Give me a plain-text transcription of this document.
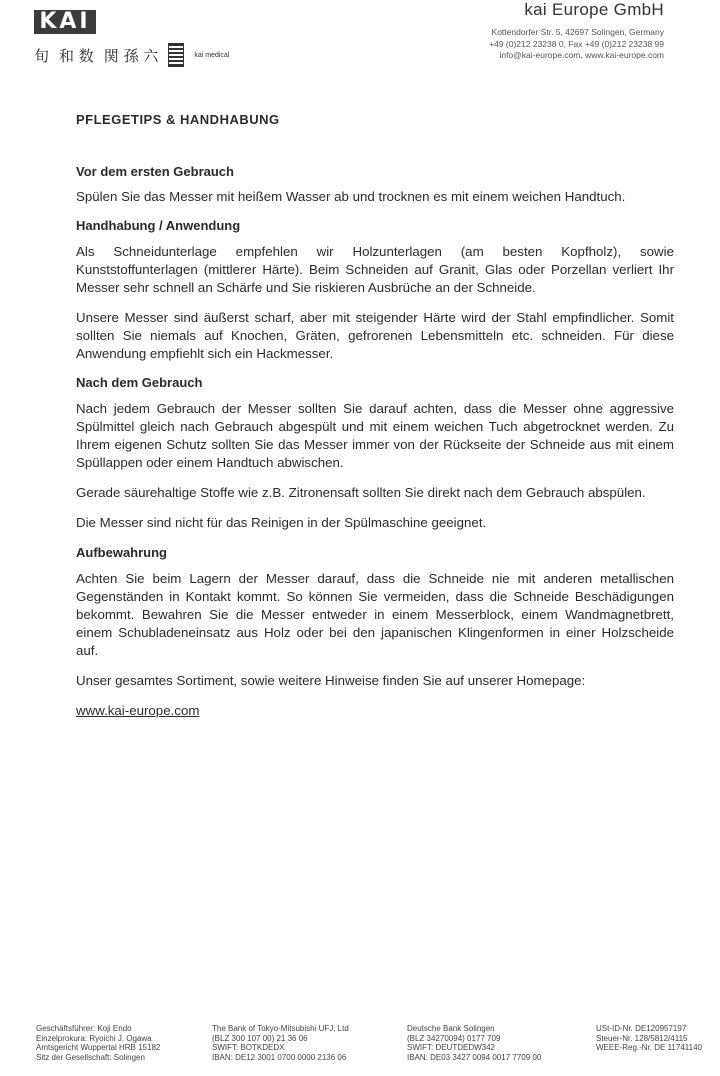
KAI
旬 和 数 関 孫 六	kai medical
kai Europe GmbH
Kottendorfer Str. 5, 42697 Solingen, Germany
+49 (0)212 23238 0, Fax +49 (0)212 23238 99
info@kai-europe.com, www.kai-europe.com
PFLEGETIPS & HANDHABUNG
Vor dem ersten Gebrauch

Spülen Sie das Messer mit heißem Wasser ab und trocknen es mit einem weichen Handtuch.

Handhabung / Anwendung

Als Schneidunterlage empfehlen wir Holzunterlagen (am besten Kopfholz), sowie Kunststoffunterlagen (mittlerer Härte). Beim Schneiden auf Granit, Glas oder Porzellan verliert Ihr Messer sehr schnell an Schärfe und Sie riskieren Ausbrüche an der Schneide.

Unsere Messer sind äußerst scharf, aber mit steigender Härte wird der Stahl empfindlicher. Somit sollten Sie niemals auf Knochen, Gräten, gefrorenen Lebensmitteln etc. schneiden. Für diese Anwendung empfiehlt sich ein Hackmesser.

Nach dem Gebrauch

Nach jedem Gebrauch der Messer sollten Sie darauf achten, dass die Messer ohne aggressive Spülmittel gleich nach Gebrauch abgespült und mit einem weichen Tuch abgetrocknet werden. Zu Ihrem eigenen Schutz sollten Sie das Messer immer von der Rückseite der Schneide aus mit einem Spüllappen oder einem Handtuch abwischen.

Gerade säurehaltige Stoffe wie z.B. Zitronensaft sollten Sie direkt nach dem Gebrauch abspülen.

Die Messer sind nicht für das Reinigen in der Spülmaschine geeignet.

Aufbewahrung

Achten Sie beim Lagern der Messer darauf, dass die Schneide nie mit anderen metallischen Gegenständen in Kontakt kommt. So können Sie vermeiden, dass die Schneide Beschädigungen bekommt. Bewahren Sie die Messer entweder in einem Messerblock, einem Wandmagnetbrett, einem Schubladeneinsatz aus Holz oder bei den japanischen Klingenformen in einer Holzscheide auf.

Unser gesamtes Sortiment, sowie weitere Hinweise finden Sie auf unserer Homepage:

www.kai-europe.com
Geschäftsführer: Koji Endo
Einzelprokura: Ryoichi J. Ogawa
Amtsgericht Wuppertal HRB 15182
Sitz der Gesellschaft: Solingen
The Bank of Tokyo-Mitsubishi UFJ, Ltd
(BLZ 300 107 00) 21 36 06
SWIFT: BOTKDEDX
IBAN: DE12 3001 0700 0000 2136 06
Deutsche Bank Solingen
(BLZ 34270094) 0177 709
SWIFT: DEUTDEDW342
IBAN: DE03 3427 0094 0017 7709 00
USt-ID-Nr. DE120957197
Steuer-Nr. 128/5812/4115
WEEE-Reg.-Nr. DE 11741140
